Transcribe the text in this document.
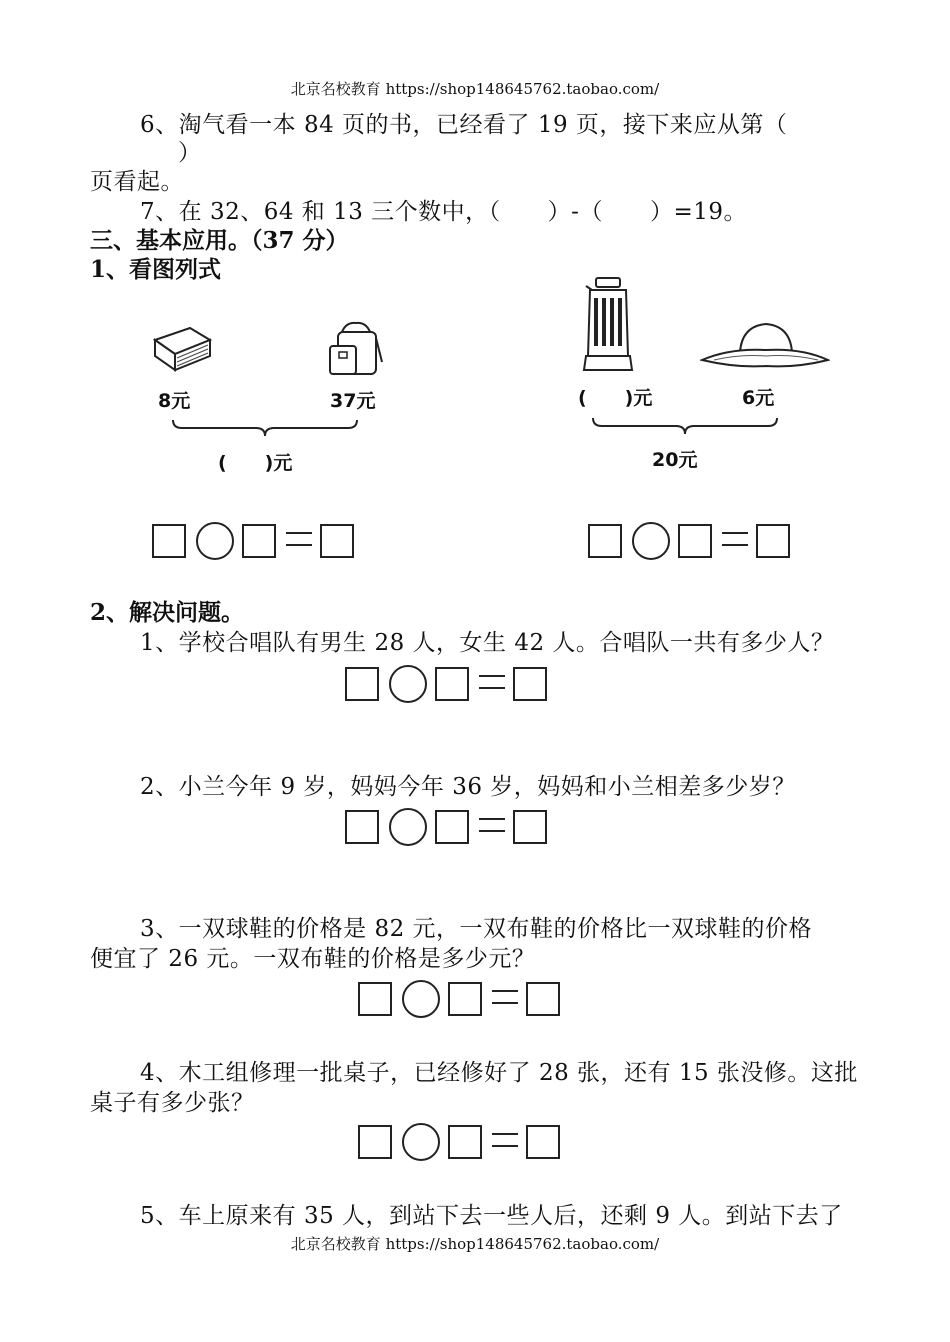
北京名校教育 https://shop148645762.taobao.com/
6、淘气看一本 84 页的书，已经看了 19 页，接下来应从第（
）
页看起。
7、在 32、64 和 13 三个数中，（　　）-（　　）=19。
三、基本应用。（37 分）
1、看图列式
8元	37元
(　　)元
(　　)元	6元
20元
2、解决问题。
1、学校合唱队有男生 28 人，女生 42 人。合唱队一共有多少人？
2、小兰今年 9 岁，妈妈今年 36 岁，妈妈和小兰相差多少岁？
3、一双球鞋的价格是 82 元，一双布鞋的价格比一双球鞋的价格
便宜了 26 元。一双布鞋的价格是多少元？
4、木工组修理一批桌子，已经修好了 28 张，还有 15 张没修。这批
桌子有多少张？
5、车上原来有 35 人，到站下去一些人后，还剩 9 人。到站下去了
北京名校教育 https://shop148645762.taobao.com/
